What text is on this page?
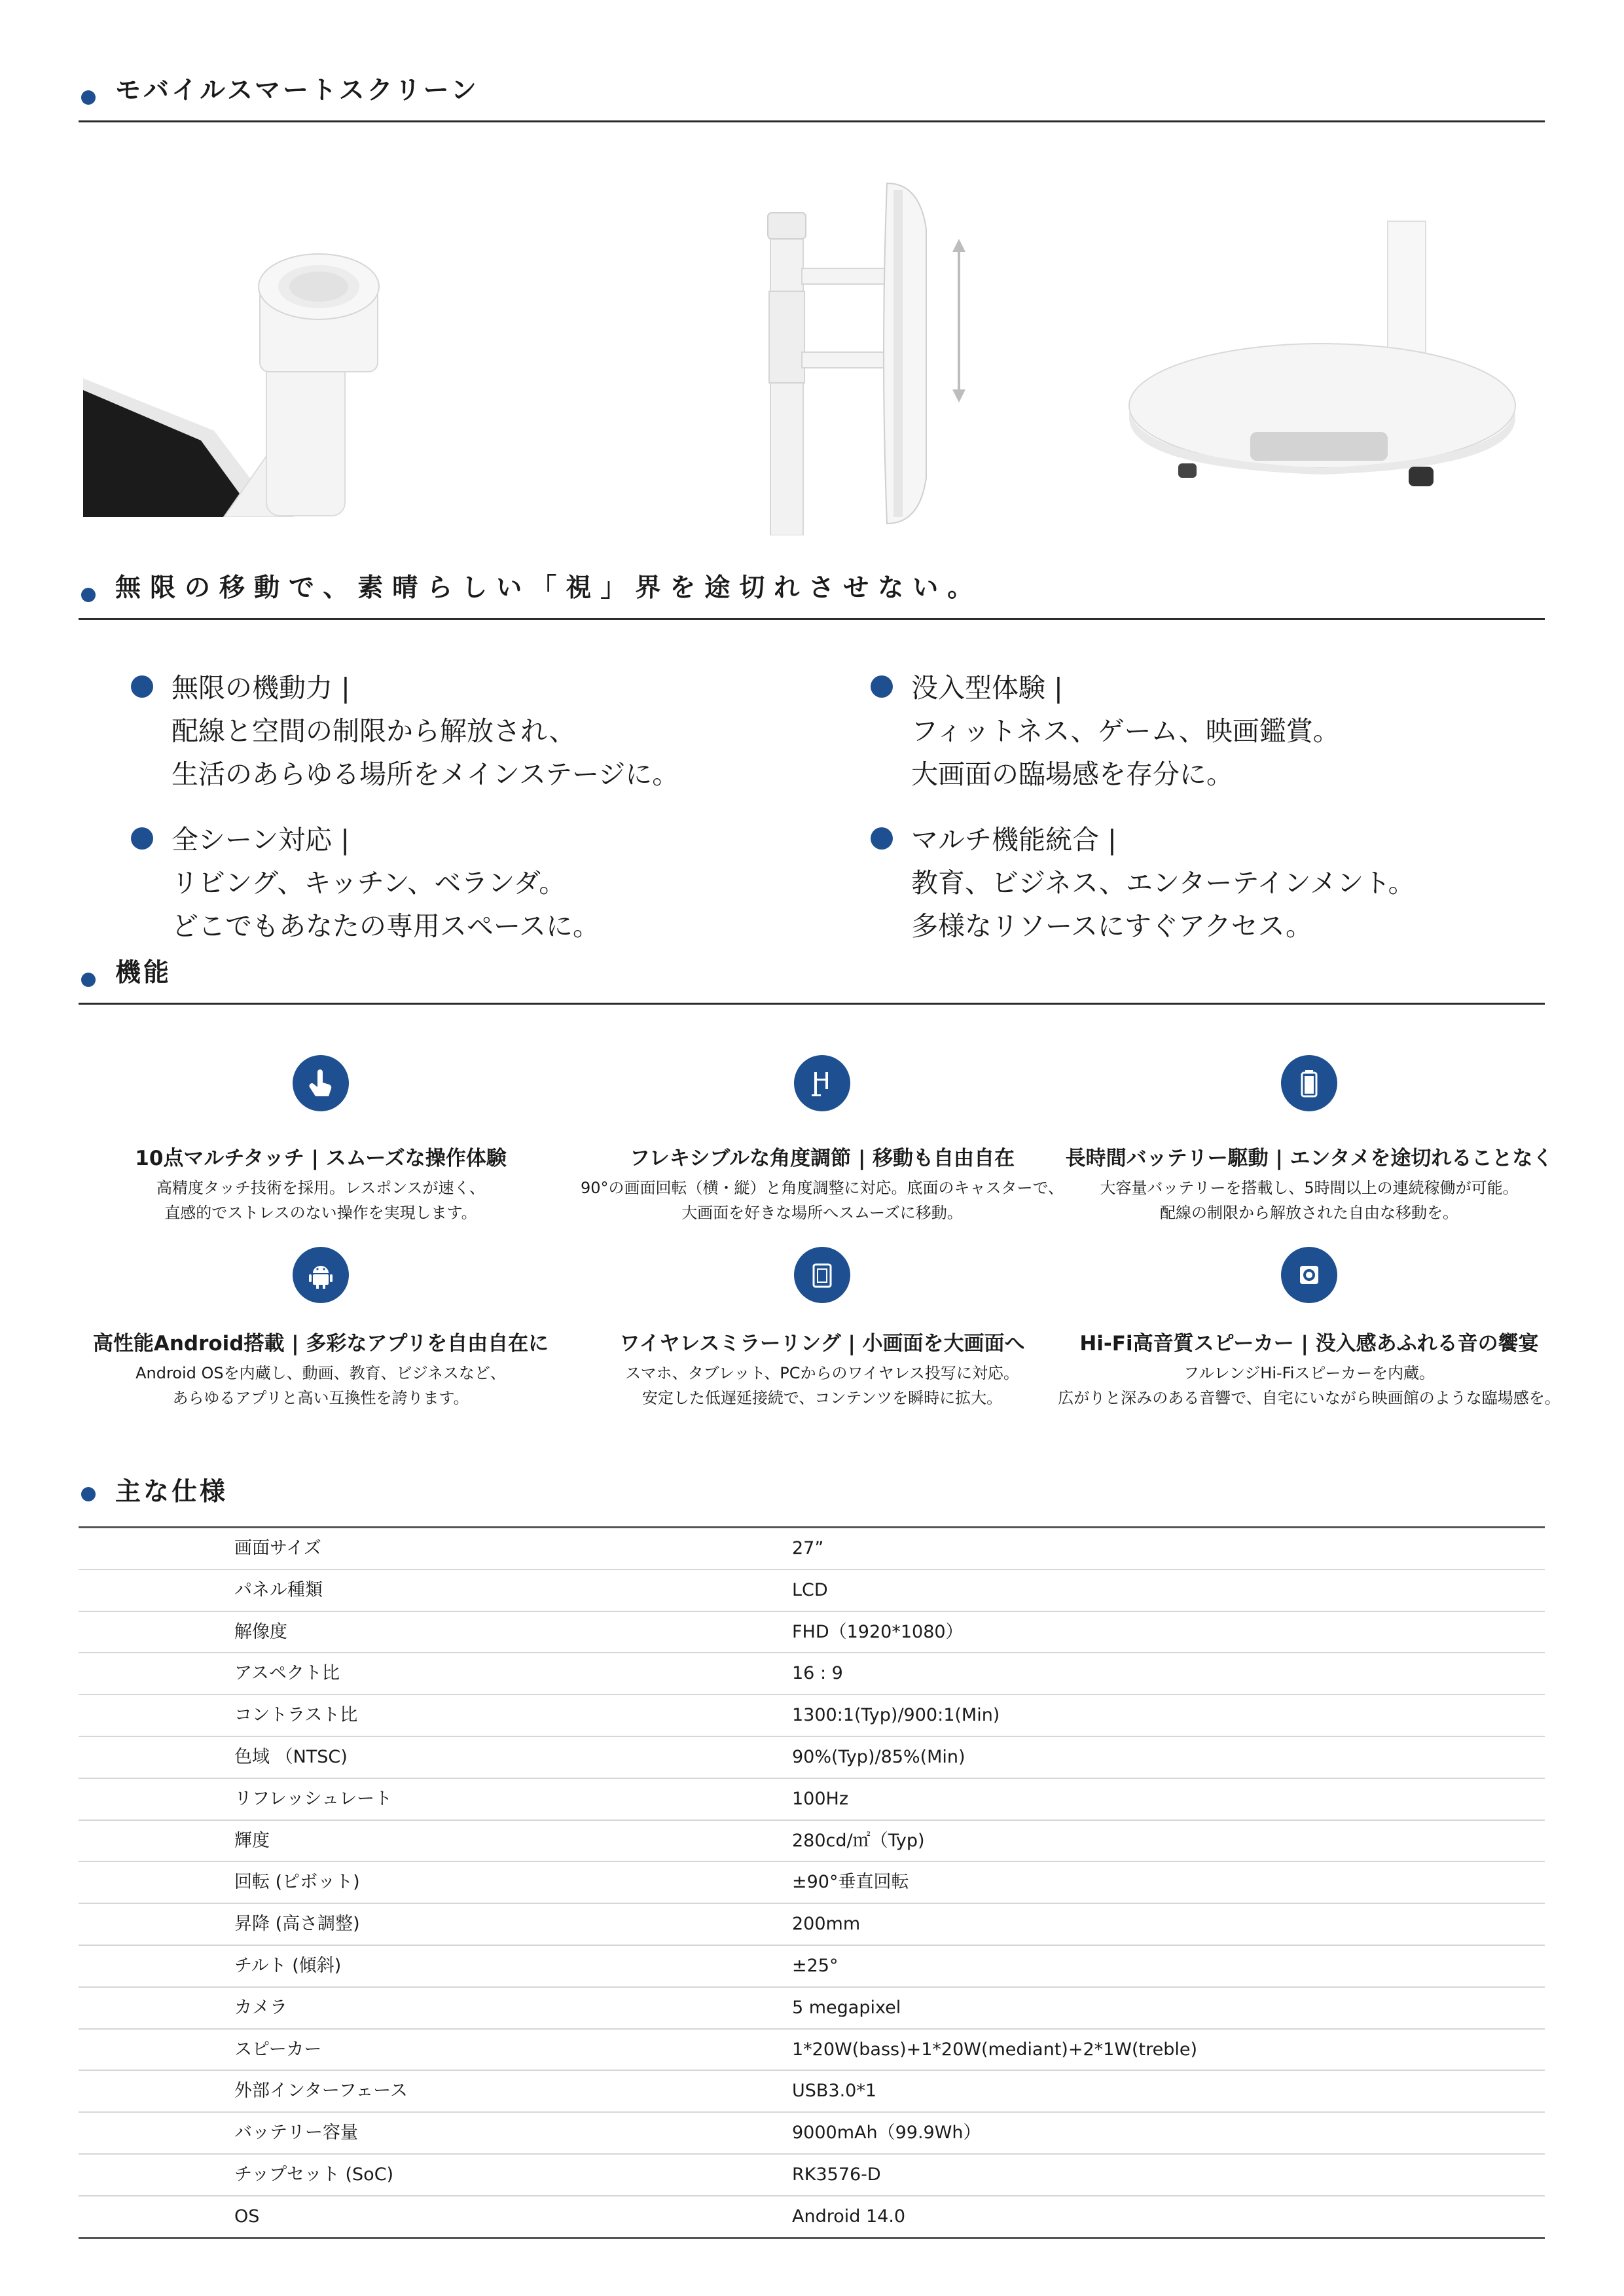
モバイルスマートスクリーン
無限の移動で、素晴らしい「視」界を途切れさせない。
無限の機動力 |
配線と空間の制限から解放され、
生活のあらゆる場所をメインステージに。
没入型体験 |
フィットネス、ゲーム、映画鑑賞。
大画面の臨場感を存分に。
全シーン対応 |
リビング、キッチン、ベランダ。
どこでもあなたの専用スペースに。
マルチ機能統合 |
教育、ビジネス、エンターテインメント。
多様なリソースにすぐアクセス。
機能
10点マルチタッチ | スムーズな操作体験
高精度タッチ技術を採用。レスポンスが速く、
直感的でストレスのない操作を実現します。
フレキシブルな角度調節 | 移動も自由自在
90°の画面回転（横・縦）と角度調整に対応。底面のキャスターで、
大画面を好きな場所へスムーズに移動。
長時間バッテリー駆動 | エンタメを途切れることなく
大容量バッテリーを搭載し、5時間以上の連続稼働が可能。
配線の制限から解放された自由な移動を。
高性能Android搭載 | 多彩なアプリを自由自在に
Android OSを内蔵し、動画、教育、ビジネスなど、
あらゆるアプリと高い互換性を誇ります。
ワイヤレスミラーリング | 小画面を大画面へ
スマホ、タブレット、PCからのワイヤレス投写に対応。
安定した低遅延接続で、コンテンツを瞬時に拡大。
Hi-Fi高音質スピーカー | 没入感あふれる音の饗宴
フルレンジHi-Fiスピーカーを内蔵。
広がりと深みのある音響で、自宅にいながら映画館のような臨場感を。
主な仕様
画面サイズ	27”
パネル種類	LCD
解像度	FHD（1920*1080）
アスペクト比	16 : 9
コントラスト比	1300:1(Typ)/900:1(Min)
色域 （NTSC)	90%(Typ)/85%(Min)
リフレッシュレート	100Hz
輝度	280cd/㎡（Typ)
回転 (ピボット)	±90°垂直回転
昇降 (高さ調整)	200mm
チルト (傾斜)	±25°
カメラ	5 megapixel
スピーカー	1*20W(bass)+1*20W(mediant)+2*1W(treble)
外部インターフェース	USB3.0*1
バッテリー容量	9000mAh（99.9Wh）
チップセット (SoC)	RK3576-D
OS	Android 14.0
